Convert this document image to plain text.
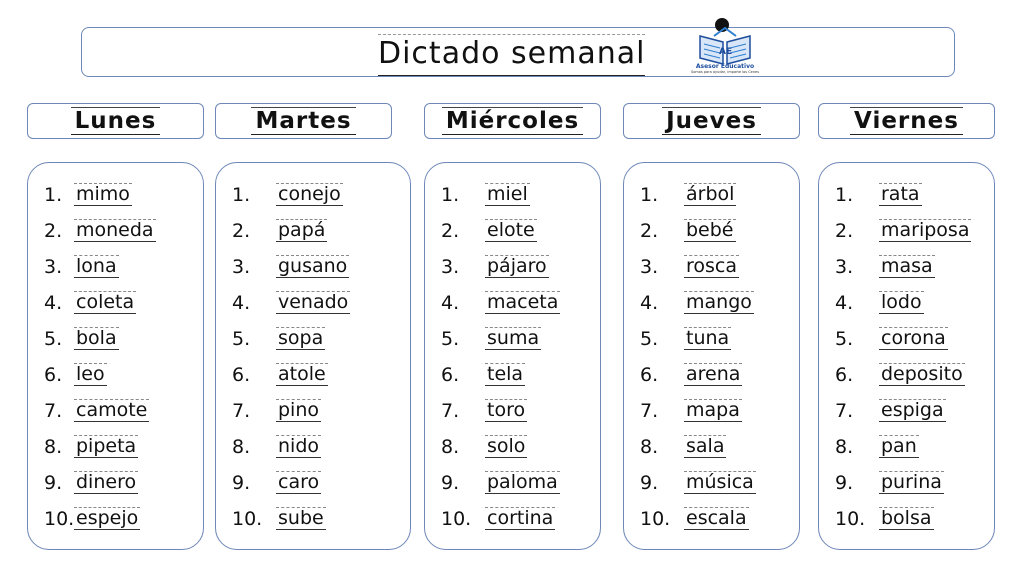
Dictado semanal	AE
Asesor Educativo
Somos para ayudar, imparte los Cenes
Lunes
1. mimo
2. moneda
3. lona
4. coleta
5. bola
6. leo
7. camote
8. pipeta
9. dinero
10. espejo
Martes
1.	conejo
2.	papá
3.	gusano
4.	venado
5.	sopa
6.	atole
7.	pino
8.	nido
9.	caro
10. sube
Miércoles
1.	miel
2.	elote
3.	pájaro
4.	maceta
5.	suma
6.	tela
7.	toro
8.	solo
9.	paloma
10. cortina
Jueves
1.	árbol
2.	bebé
3.	rosca
4.	mango
5.	tuna
6.	arena
7.	mapa
8.	sala
9.	música
10. escala
Viernes
1.	rata
2.	mariposa
3.	masa
4.	lodo
5.	corona
6.	deposito
7.	espiga
8.	pan
9.	purina
10. bolsa
